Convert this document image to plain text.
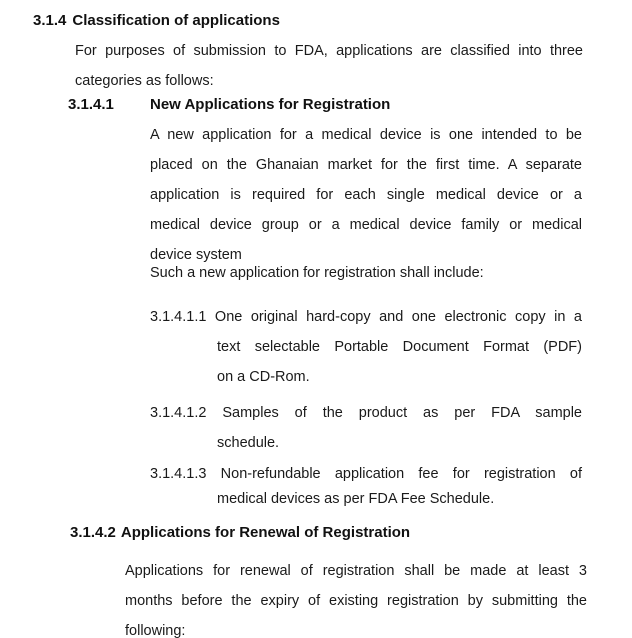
3.1.4 Classification of applications
For purposes of submission to FDA, applications are classified into three
categories as follows:
3.1.4.1 New Applications for Registration
A new application for a medical device is one intended to be
placed on the Ghanaian market for the first time. A separate
application is required for each single medical device or a
medical device group or a medical device family or medical
device system
Such a new application for registration shall include:
3.1.4.1.1 One original hard-copy and one electronic copy in a
text selectable Portable Document Format (PDF)
on a CD-Rom.
3.1.4.1.2 Samples of the product as per FDA sample
schedule.
3.1.4.1.3 Non-refundable application fee for registration of
medical devices as per FDA Fee Schedule.
3.1.4.2 Applications for Renewal of Registration
Applications for renewal of registration shall be made at least 3
months before the expiry of existing registration by submitting the
following:
